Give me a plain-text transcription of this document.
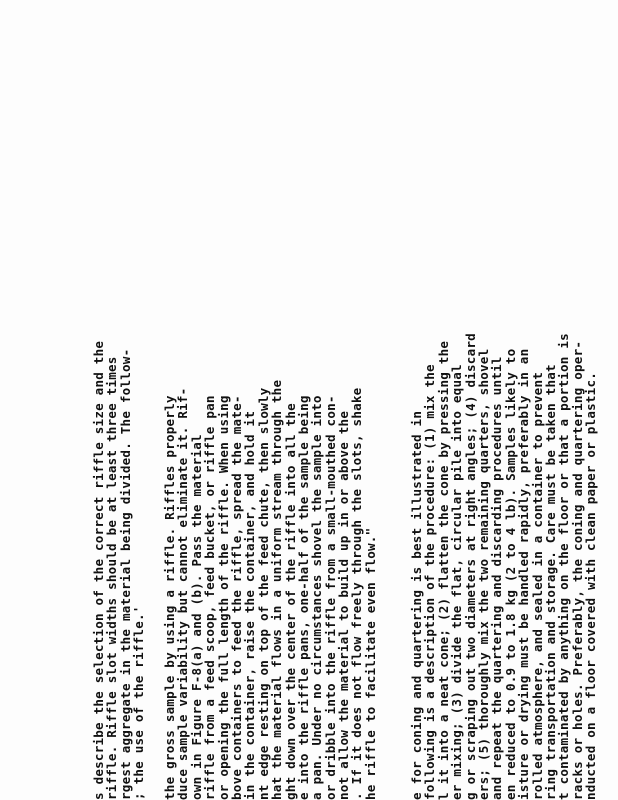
s describe the selection of the correct riffle size and the
riffle. Riffle slot widths should be at least three times
rgest aggregate in the material being divided. The follow-
; the use of the riffle.' the gross sample by using a riffle. Riffles properly
duce sample variability but cannot eliminate it. Rif-
own in Figure F-8(a) and (b). Pass the material
riffle from a feed scoop, feed bucket, or riffle pan
or opening the full length of the riffle. When using
bove containers to feed the riffle, spread the mate-
in the container, raise the container, and hold it
nt edge resting on top of the feed chute, then slowly
hat the material flows in a uniform stream through the
ght down over the center of the riffle into all the
e into the riffle pans, one-half of the sample being
a pan. Under no circumstances shovel the sample into
or dribble into the riffle from a small-mouthed con-
not allow the material to build up in or above the
. If it does not flow freely through the slots, shake
he riffle to facilitate even flow." e for coning and quartering is best illustrated in
following is a description of the procedure: (1) mix the
l it into a neat cone; (2) flatten the cone by pressing the
er mixing; (3) divide the flat, circular pile into equal
g or scraping out two diameters at right angles; (4) discard
ers; (5) thoroughly mix the two remaining quarters, shovel
and repeat the quartering and discarding procedures until
en reduced to 0.9 to 1.8 kg (2 to 4 lb). Samples likely to
isture or drying must be handled rapidly, preferably in an
rolled atmosphere, and sealed in a container to prevent
ring transportation and storage. Care must be taken that
t contaminated by anything on the floor or that a portion is
racks or holes. Preferably, the coning and quartering oper-
nducted on a floor covered with clean paper or plastic.
